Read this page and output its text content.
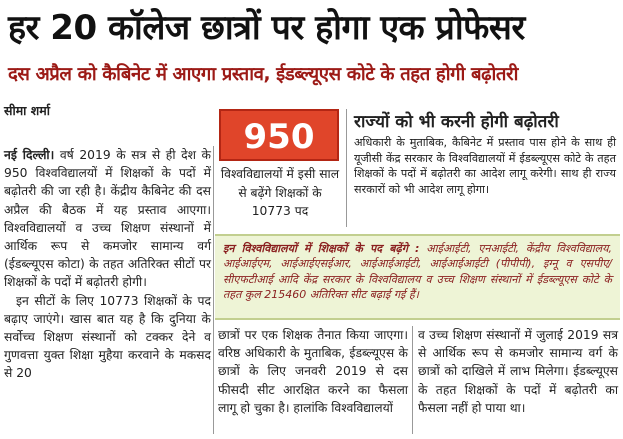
हर 20 कॉलेज छात्रों पर होगा एक प्रोफेसर
दस अप्रैल को कैबिनेट में आएगा प्रस्ताव, ईडब्ल्यूएस कोटे के तहत होगी बढ़ोतरी
सीमा शर्मा

नई दिल्ली। वर्ष 2019 के सत्र से ही देश के 950 विश्वविद्यालयों में शिक्षकों के पदों में बढ़ोतरी की जा रही है। केंद्रीय कैबिनेट की दस अप्रैल की बैठक में यह प्रस्ताव आएगा। विश्वविद्यालयों व उच्च शिक्षण संस्थानों में आर्थिक रूप से कमजोर सामान्य वर्ग (ईडब्ल्यूएस कोटा) के तहत अतिरिक्त सीटों पर शिक्षकों के पदों में बढ़ोतरी होगी।

इन सीटों के लिए 10773 शिक्षकों के पद बढ़ाए जाएंगे। खास बात यह है कि दुनिया के सर्वोच्च शिक्षण संस्थानों को टक्कर देने व गुणवत्ता युक्त शिक्षा मुहैया करवाने के मकसद से 20

950
विश्वविद्यालयों में इसी साल से बढ़ेंगे शिक्षकों के 10773 पद
राज्यों को भी करनी होगी बढ़ोतरी
अधिकारी के मुताबिक, कैबिनेट में प्रस्ताव पास होने के साथ ही यूजीसी केंद्र सरकार के विश्वविद्यालयों में ईडब्ल्यूएस कोटे के तहत शिक्षकों के पदों में बढ़ोतरी का आदेश लागू करेगी। साथ ही राज्य सरकारों को भी आदेश लागू होगा।
इन विश्वविद्यालयों में शिक्षकों के पद बढ़ेंगे : आईआईटी, एनआईटी, केंद्रीय विश्वविद्यालय, आईआईएम, आईआईएसईआर, आईआईआईटी, आईआईआईटी (पीपीपी), इग्नू व एसपीए/सीएफटीआई आदि केंद्र सरकार के विश्वविद्यालय व उच्च शिक्षण संस्थानों में ईडब्ल्यूएस कोटे के तहत कुल 215460 अतिरिक्त सीट बढ़ाई गई हैं।

छात्रों पर एक शिक्षक तैनात किया जाएगा। वरिष्ठ अधिकारी के मुताबिक, ईडब्ल्यूएस के छात्रों के लिए जनवरी 2019 से दस फीसदी सीट आरक्षित करने का फैसला लागू हो चुका है। हालांकि विश्वविद्यालयों

व उच्च शिक्षण संस्थानों में जुलाई 2019 सत्र से आर्थिक रूप से कमजोर सामान्य वर्ग के छात्रों को दाखिले में लाभ मिलेगा। ईडब्ल्यूएस के तहत शिक्षकों के पदों में बढ़ोतरी का फैसला नहीं हो पाया था।
